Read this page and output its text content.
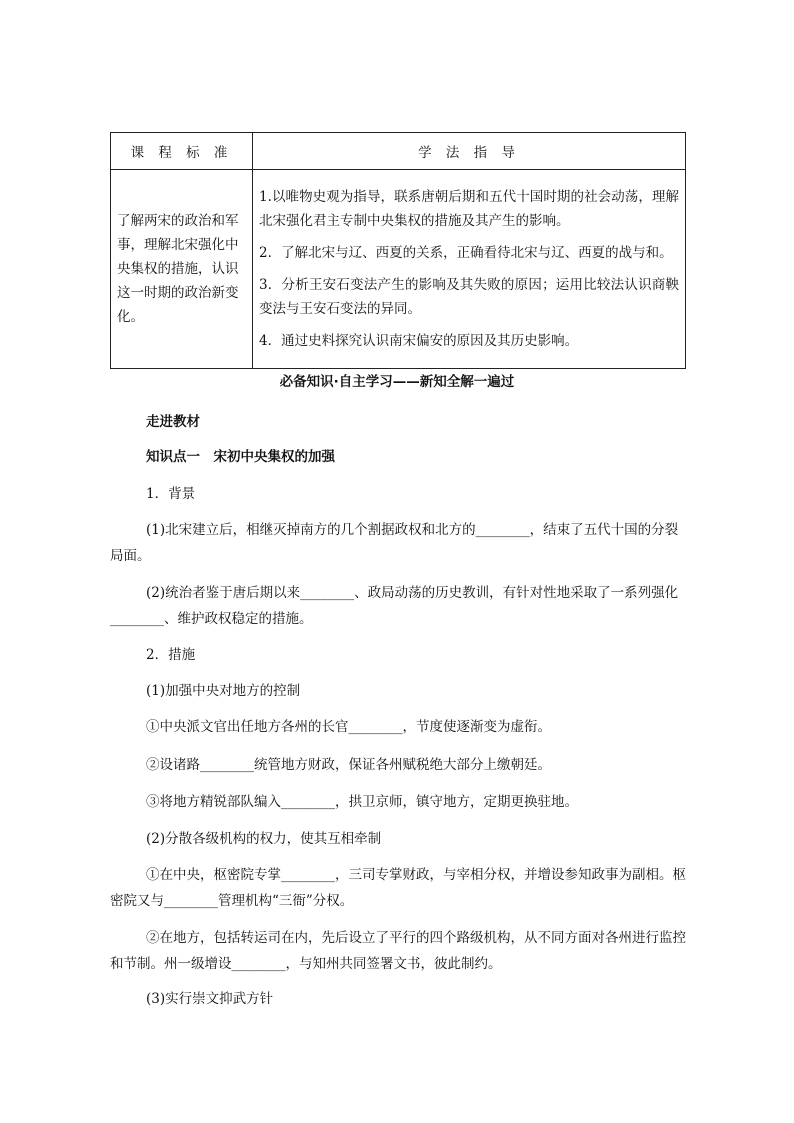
课 程 标 准	学 法 指 导
了解两宋的政治和军事，理解北宋强化中央集权的措施，认识这一时期的政治新变化。	1.以唯物史观为指导，联系唐朝后期和五代十国时期的社会动荡，理解北宋强化君主专制中央集权的措施及其产生的影响。

2．了解北宋与辽、西夏的关系，正确看待北宋与辽、西夏的战与和。

3．分析王安石变法产生的影响及其失败的原因；运用比较法认识商鞅变法与王安石变法的异同。

4．通过史料探究认识南宋偏安的原因及其历史影响。

必备知识·自主学习——新知全解一遍过

走进教材

知识点一　宋初中央集权的加强

1．背景

(1)北宋建立后，相继灭掉南方的几个割据政权和北方的________，结束了五代十国的分裂局面。

(2)统治者鉴于唐后期以来________、政局动荡的历史教训，有针对性地采取了一系列强化________、维护政权稳定的措施。

2．措施

(1)加强中央对地方的控制

①中央派文官出任地方各州的长官________，节度使逐渐变为虚衔。

②设诸路________统管地方财政，保证各州赋税绝大部分上缴朝廷。

③将地方精锐部队编入________，拱卫京师，镇守地方，定期更换驻地。

(2)分散各级机构的权力，使其互相牵制

①在中央，枢密院专掌________，三司专掌财政，与宰相分权，并增设参知政事为副相。枢密院又与________管理机构“三衙”分权。

②在地方，包括转运司在内，先后设立了平行的四个路级机构，从不同方面对各州进行监控和节制。州一级增设________，与知州共同签署文书，彼此制约。

(3)实行崇文抑武方针
